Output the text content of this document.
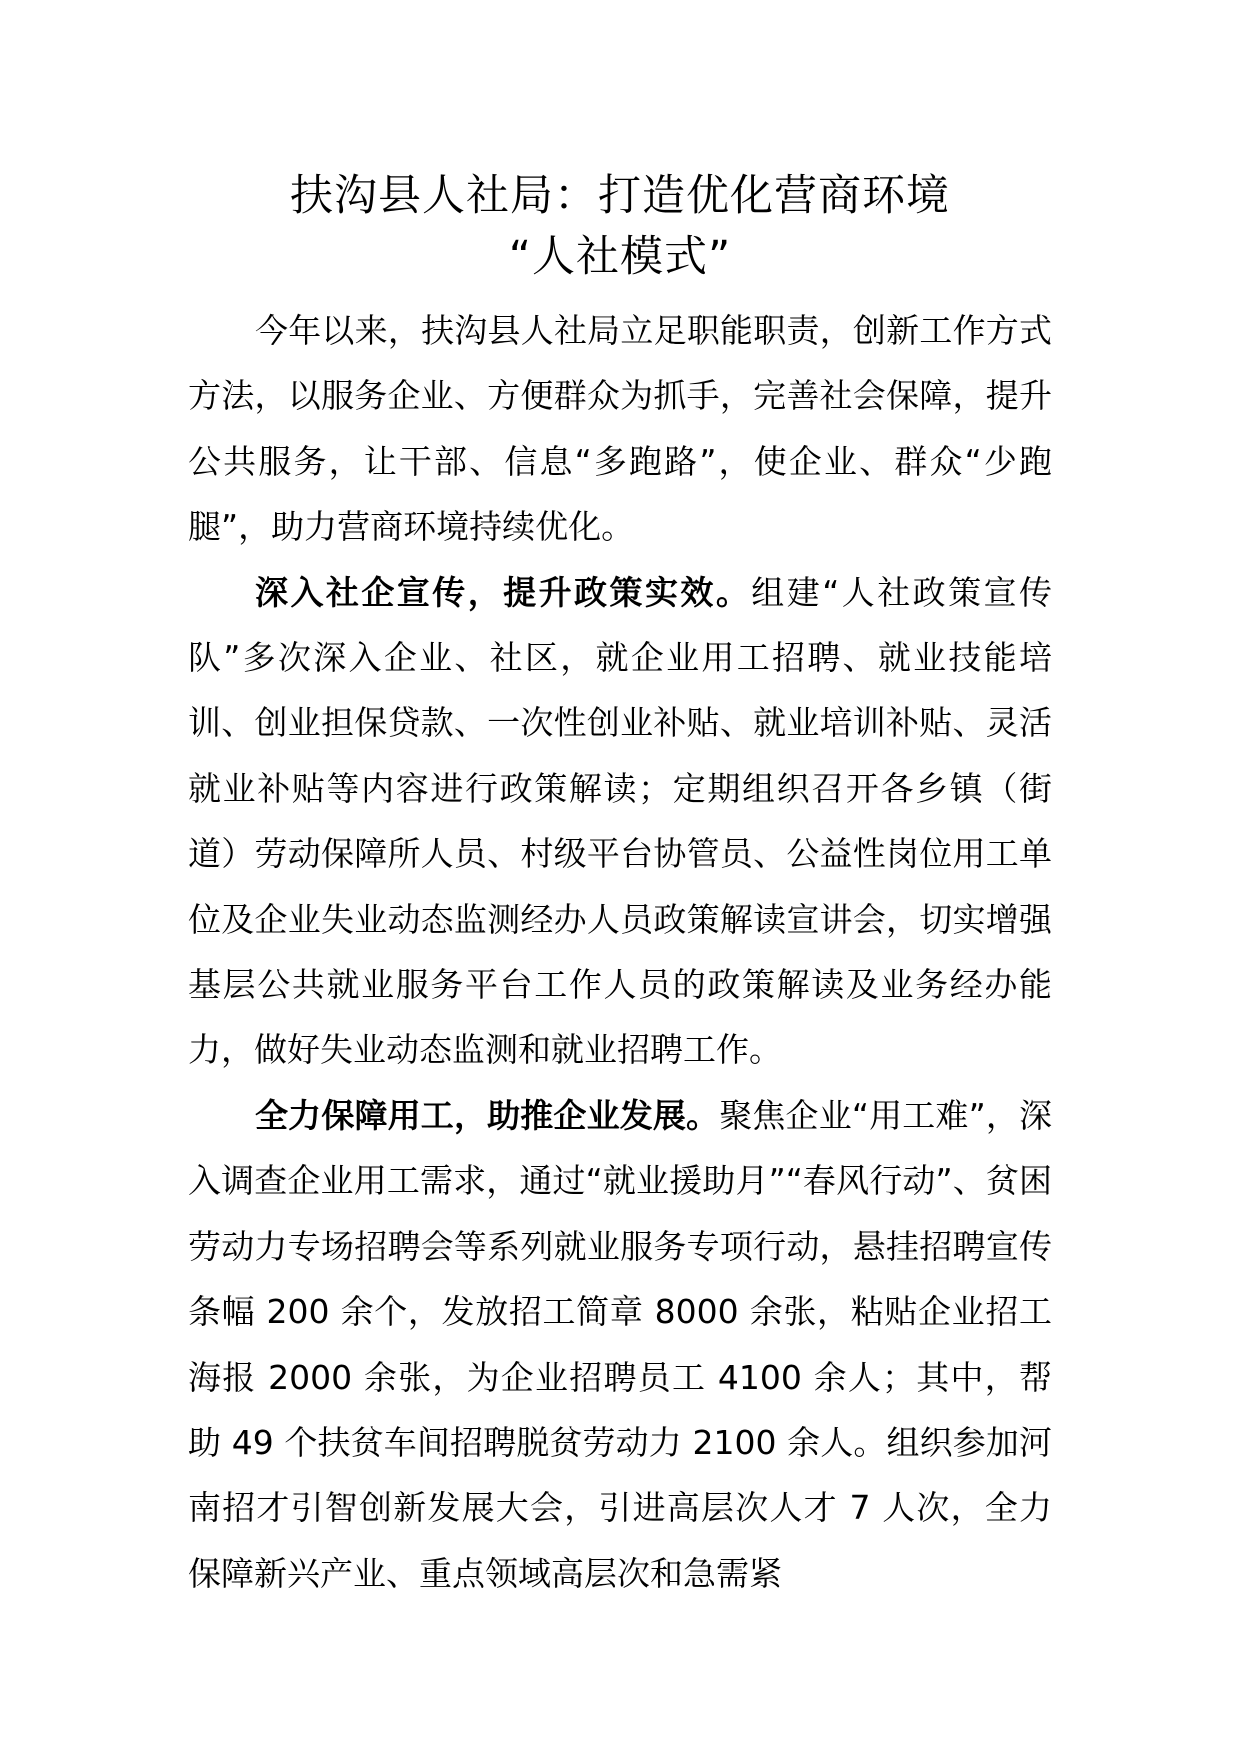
扶沟县人社局：打造优化营商环境
“人社模式”

今年以来，扶沟县人社局立足职能职责，创新工作方式方法，以服务企业、方便群众为抓手，完善社会保障，提升公共服务，让干部、信息“多跑路”，使企业、群众“少跑腿”，助力营商环境持续优化。

深入社企宣传，提升政策实效。组建“人社政策宣传队”多次深入企业、社区，就企业用工招聘、就业技能培训、创业担保贷款、一次性创业补贴、就业培训补贴、灵活就业补贴等内容进行政策解读；定期组织召开各乡镇（街道）劳动保障所人员、村级平台协管员、公益性岗位用工单位及企业失业动态监测经办人员政策解读宣讲会，切实增强基层公共就业服务平台工作人员的政策解读及业务经办能力，做好失业动态监测和就业招聘工作。

全力保障用工，助推企业发展。聚焦企业“用工难”，深入调查企业用工需求，通过“就业援助月”“春风行动”、贫困劳动力专场招聘会等系列就业服务专项行动，悬挂招聘宣传条幅 200 余个，发放招工简章 8000 余张，粘贴企业招工海报 2000 余张，为企业招聘员工 4100 余人；其中，帮助 49 个扶贫车间招聘脱贫劳动力 2100 余人。组织参加河南招才引智创新发展大会，引进高层次人才 7 人次，全力保障新兴产业、重点领域高层次和急需紧
